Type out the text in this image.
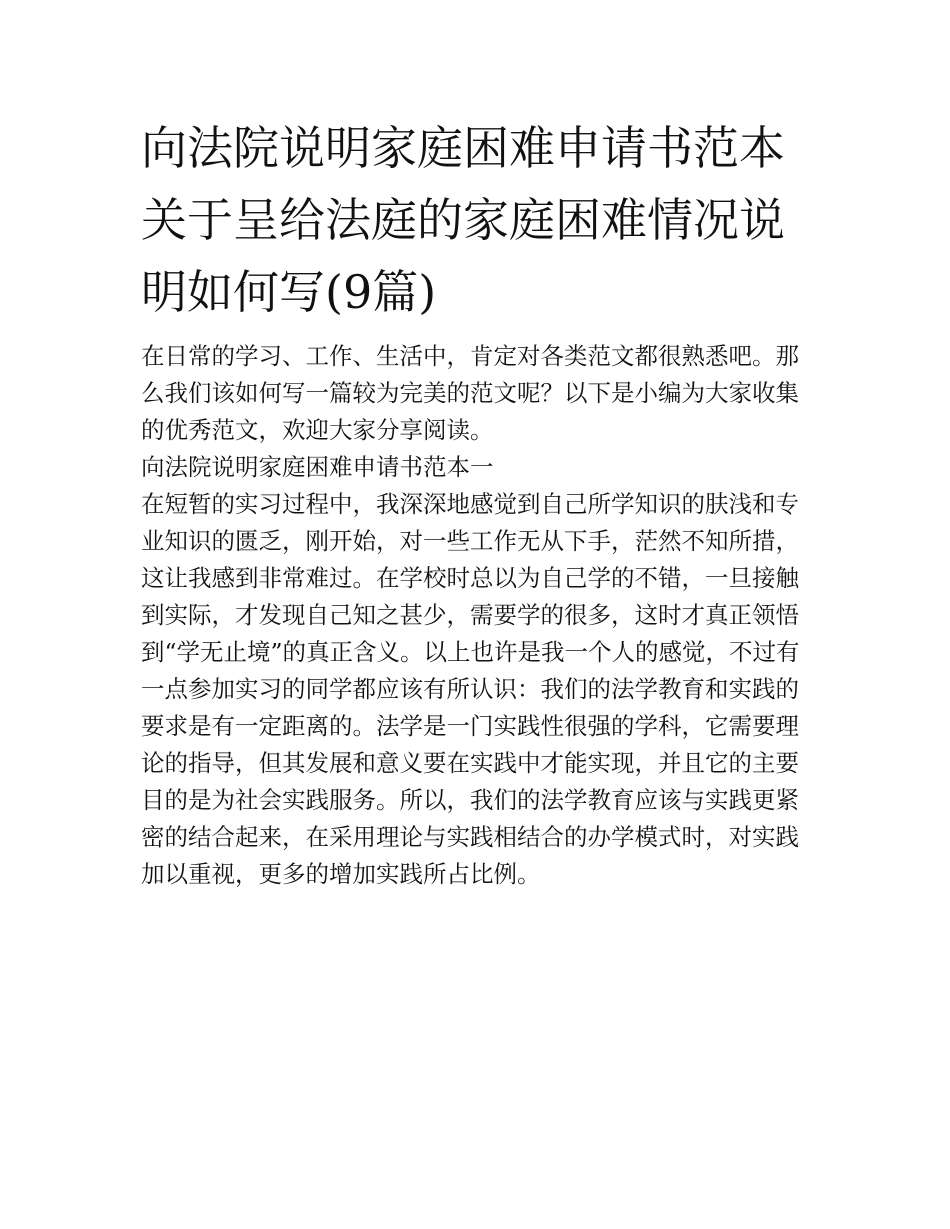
向法院说明家庭困难申请书范本 关于呈给法庭的家庭困难情况说明如何写(9篇)

在日常的学习、工作、生活中，肯定对各类范文都很熟悉吧。那么我们该如何写一篇较为完美的范文呢？以下是小编为大家收集的优秀范文，欢迎大家分享阅读。

向法院说明家庭困难申请书范本一

在短暂的实习过程中，我深深地感觉到自己所学知识的肤浅和专业知识的匮乏，刚开始，对一些工作无从下手，茫然不知所措，这让我感到非常难过。在学校时总以为自己学的不错，一旦接触到实际，才发现自己知之甚少，需要学的很多，这时才真正领悟到“学无止境”的真正含义。以上也许是我一个人的感觉，不过有一点参加实习的同学都应该有所认识：我们的法学教育和实践的要求是有一定距离的。法学是一门实践性很强的学科，它需要理论的指导，但其发展和意义要在实践中才能实现，并且它的主要目的是为社会实践服务。所以，我们的法学教育应该与实践更紧密的结合起来，在采用理论与实践相结合的办学模式时，对实践加以重视，更多的增加实践所占比例。
